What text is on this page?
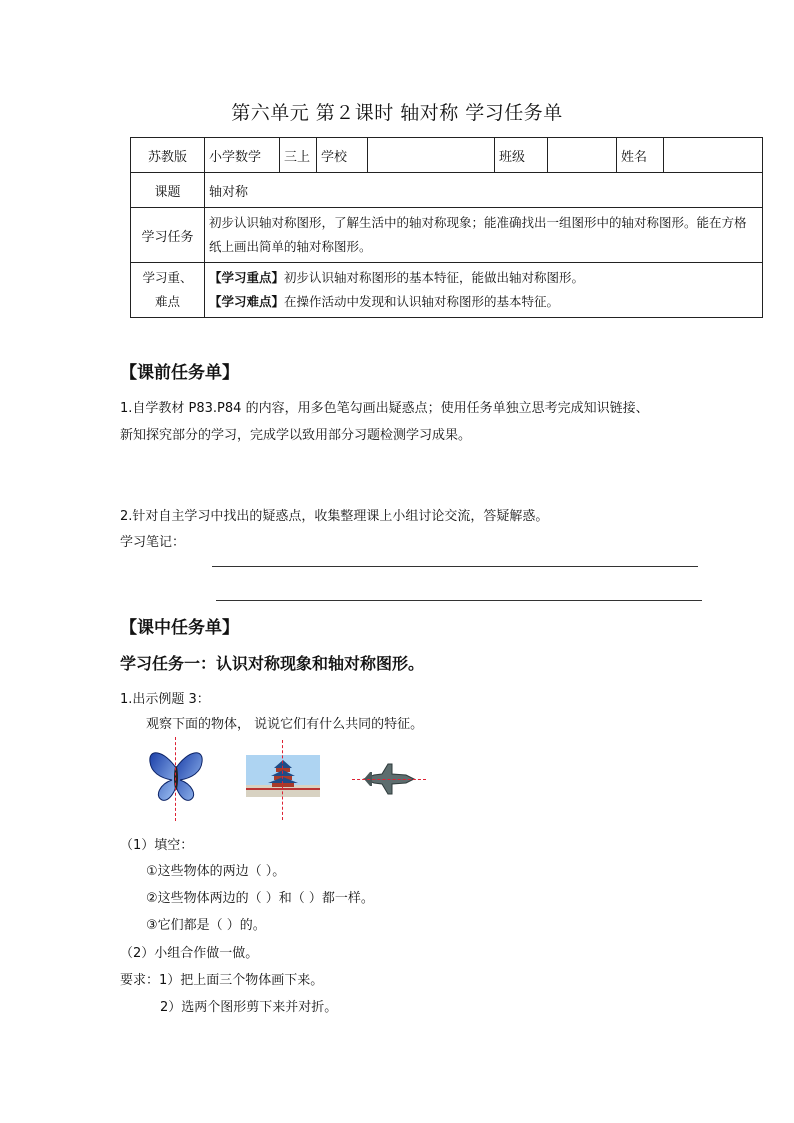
第六单元 第２课时 轴对称 学习任务单
苏教版	小学数学	三上	学校		班级		姓名	
课题	轴对称							
学习任务	初步认识轴对称图形，了解生活中的轴对称现象；能准确找出一组图形中的轴对称图形。能在方格纸上画出简单的轴对称图形。							
学习重、
难点	【学习重点】初步认识轴对称图形的基本特征，能做出轴对称图形。
【学习难点】在操作活动中发现和认识轴对称图形的基本特征。							
【课前任务单】
1.自学教材 P83.P84 的内容，用多色笔勾画出疑惑点；使用任务单独立思考完成知识链接、
新知探究部分的学习，完成学以致用部分习题检测学习成果。
2.针对自主学习中找出的疑惑点，收集整理课上小组讨论交流，答疑解惑。
学习笔记：
【课中任务单】
学习任务一：认识对称现象和轴对称图形。
1.出示例题 3：
观察下面的物体， 说说它们有什么共同的特征。
（1）填空：
①这些物体的两边（ ）。
②这些物体两边的（ ）和（ ）都一样。
③它们都是（ ）的。
（2）小组合作做一做。
要求：1）把上面三个物体画下来。
2）选两个图形剪下来并对折。
